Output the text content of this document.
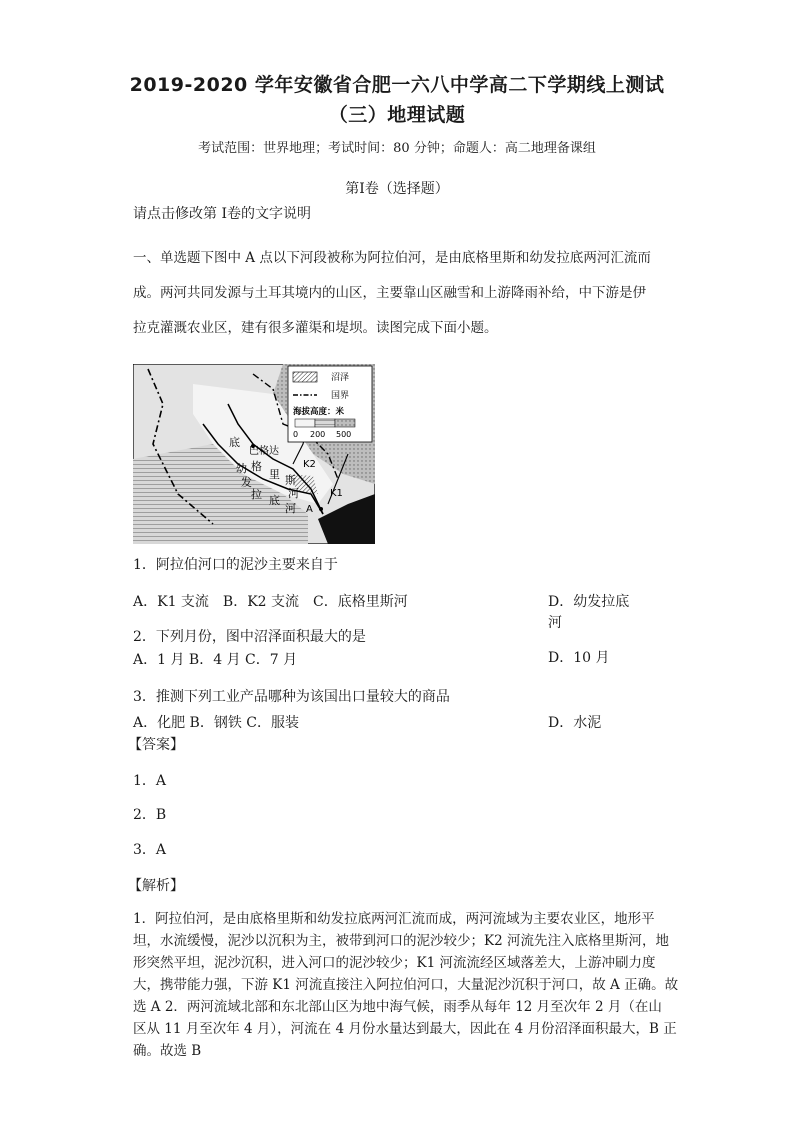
2019-2020 学年安徽省合肥一六八中学高二下学期线上测试
（三）地理试题
考试范围：世界地理；考试时间：80 分钟；命题人：高二地理备课组
第Ⅰ卷（选择题）
请点击修改第 Ⅰ卷的文字说明
一、单选题下图中 A 点以下河段被称为阿拉伯河，是由底格里斯和幼发拉底两河汇流而
成。两河共同发源与土耳其境内的山区，主要靠山区融雪和上游降雨补给，中下游是伊
拉克灌溉农业区，建有很多灌渠和堤坝。读图完成下面小题。
沼泽
国界
海拔高度：米
0 200 500
底
巴格达
格
里 斯
河
幼
发
拉 底
河
K2
K1
A
1．阿拉伯河口的泥沙主要来自于
A．K1 支流　B．K2 支流　C．底格里斯河	D．幼发拉底
河
2．下列月份，图中沼泽面积最大的是
A．1 月 B．4 月 C．7 月	D．10 月
3．推测下列工业产品哪种为该国出口量较大的商品
A．化肥 B．钢铁 C．服装	D．水泥
【答案】
1．A
2．B
3．A
【解析】
1．阿拉伯河，是由底格里斯和幼发拉底两河汇流而成，两河流域为主要农业区，地形平
坦，水流缓慢，泥沙以沉积为主，被带到河口的泥沙较少；K2 河流先注入底格里斯河，地
形突然平坦，泥沙沉积，进入河口的泥沙较少；K1 河流流经区域落差大，上游冲刷力度
大，携带能力强，下游 K1 河流直接注入阿拉伯河口，大量泥沙沉积于河口，故 A 正确。故
选 A 2．两河流域北部和东北部山区为地中海气候，雨季从每年 12 月至次年 2 月（在山
区从 11 月至次年 4 月），河流在 4 月份水量达到最大，因此在 4 月份沼泽面积最大，B 正
确。故选 B
